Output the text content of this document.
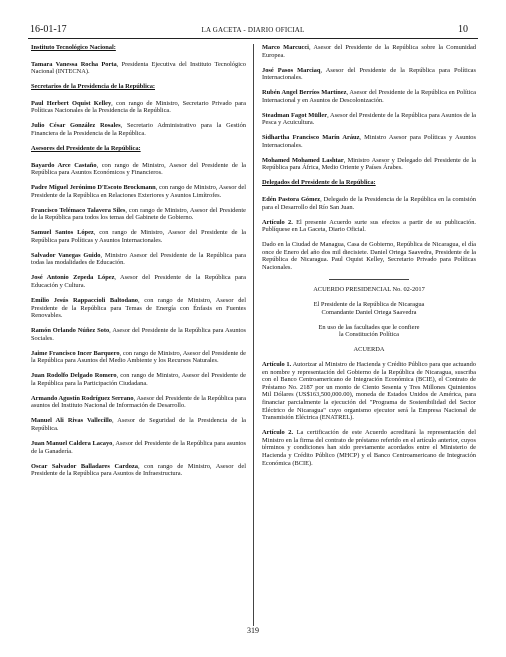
16-01-17	LA GACETA - DIARIO OFICIAL	10
Instituto Tecnológico Nacional:

Tamara Vanessa Rocha Porta, Presidenta Ejecutiva del Instituto Tecnológico Nacional (INTECNA).

Secretarios de la Presidencia de la República:

Paul Herbert Oquist Kelley, con rango de Ministro, Secretario Privado para Políticas Nacionales de la Presidencia de la República.

Julio César González Rosales, Secretario Administrativo para la Gestión Financiera de la Presidencia de la República.

Asesores del Presidente de la República:

Bayardo Arce Castaño, con rango de Ministro, Asesor del Presidente de la República para Asuntos Económicos y Financieros.

Padre Miguel Jerónimo D'Escoto Brockmann, con rango de Ministro, Asesor del Presidente de la República en Relaciones Exteriores y Asuntos Limítrofes.

Francisco Telémaco Talavera Siles, con rango de Ministro, Asesor del Presidente de la República para todos los temas del Gabinete de Gobierno.

Samuel Santos López, con rango de Ministro, Asesor del Presidente de la República para Políticas y Asuntos Internacionales.

Salvador Vanegas Guido, Ministro Asesor del Presidente de la República para todas las modalidades de Educación.

José Antonio Zepeda López, Asesor del Presidente de la República para Educación y Cultura.

Emilio Jesús Rappaccioli Baltodano, con rango de Ministro, Asesor del Presidente de la República para Temas de Energía con Énfasis en Fuentes Renovables.

Ramón Orlando Núñez Soto, Asesor del Presidente de la República para Asuntos Sociales.

Jaime Francisco Incer Barquero, con rango de Ministro, Asesor del Presidente de la República para Asuntos del Medio Ambiente y los Recursos Naturales.

Juan Rodolfo Delgado Romero, con rango de Ministro, Asesor del Presidente de la República para la Participación Ciudadana.

Armando Agustín Rodríguez Serrano, Asesor del Presidente de la República para asuntos del Instituto Nacional de Información de Desarrollo.

Manuel Ali Rivas Vallecillo, Asesor de Seguridad de la Presidencia de la República.

Juan Manuel Caldera Lacayo, Asesor del Presidente de la República para asuntos de la Ganadería.

Oscar Salvador Balladares Cardoza, con rango de Ministro, Asesor del Presidente de la República para Asuntos de Infraestructura.

Marco Marcucci, Asesor del Presidente de la República sobre la Comunidad Europea.

José Pasos Marciaq, Asesor del Presidente de la República para Políticas Internacionales.

Rubén Angel Berríos Martínez, Asesor del Presidente de la República en Política Internacional y en Asuntos de Descolonización.

Steadman Fagot Müller, Asesor del Presidente de la República para Asuntos de la Pesca y Acuicultura.

Sidhartha Francisco Marín Aráuz, Ministro Asesor para Políticas y Asuntos Internacionales.

Mohamed Mohamed Lashtar, Ministro Asesor y Delegado del Presidente de la República para África, Medio Oriente y Países Árabes.

Delegados del Presidente de la República:

Edén Pastora Gómez, Delegado de la Presidencia de la República en la comisión para el Desarrollo del Río San Juan.

Artículo 2. El presente Acuerdo surte sus efectos a partir de su publicación. Publíquese en La Gaceta, Diario Oficial.

Dado en la Ciudad de Managua, Casa de Gobierno, República de Nicaragua, el día once de Enero del año dos mil diecisiete. Daniel Ortega Saavedra, Presidente de la República de Nicaragua. Paul Oquist Kelley, Secretario Privado para Políticas Nacionales.

ACUERDO PRESIDENCIAL No. 02-2017
El Presidente de la República de Nicaragua
Comandante Daniel Ortega Saavedra
En uso de las facultades que le confiere
la Constitución Política
ACUERDA

Artículo 1. Autorizar al Ministro de Hacienda y Crédito Público para que actuando en nombre y representación del Gobierno de la República de Nicaragua, suscriba con el Banco Centroamericano de Integración Económica (BCIE), el Contrato de Préstamo No. 2187 por un monto de Ciento Sesenta y Tres Millones Quinientos Mil Dólares (US$163,500,000.00), moneda de Estados Unidos de América, para financiar parcialmente la ejecución del "Programa de Sostenibilidad del Sector Eléctrico de Nicaragua" cuyo organismo ejecutor será la Empresa Nacional de Transmisión Eléctrica (ENATREL).

Artículo 2. La certificación de este Acuerdo acreditará la representación del Ministro en la firma del contrato de préstamo referido en el artículo anterior, cuyos términos y condiciones han sido previamente acordados entre el Ministerio de Hacienda y Crédito Público (MHCP) y el Banco Centroamericano de Integración Económica (BCIE).

319
